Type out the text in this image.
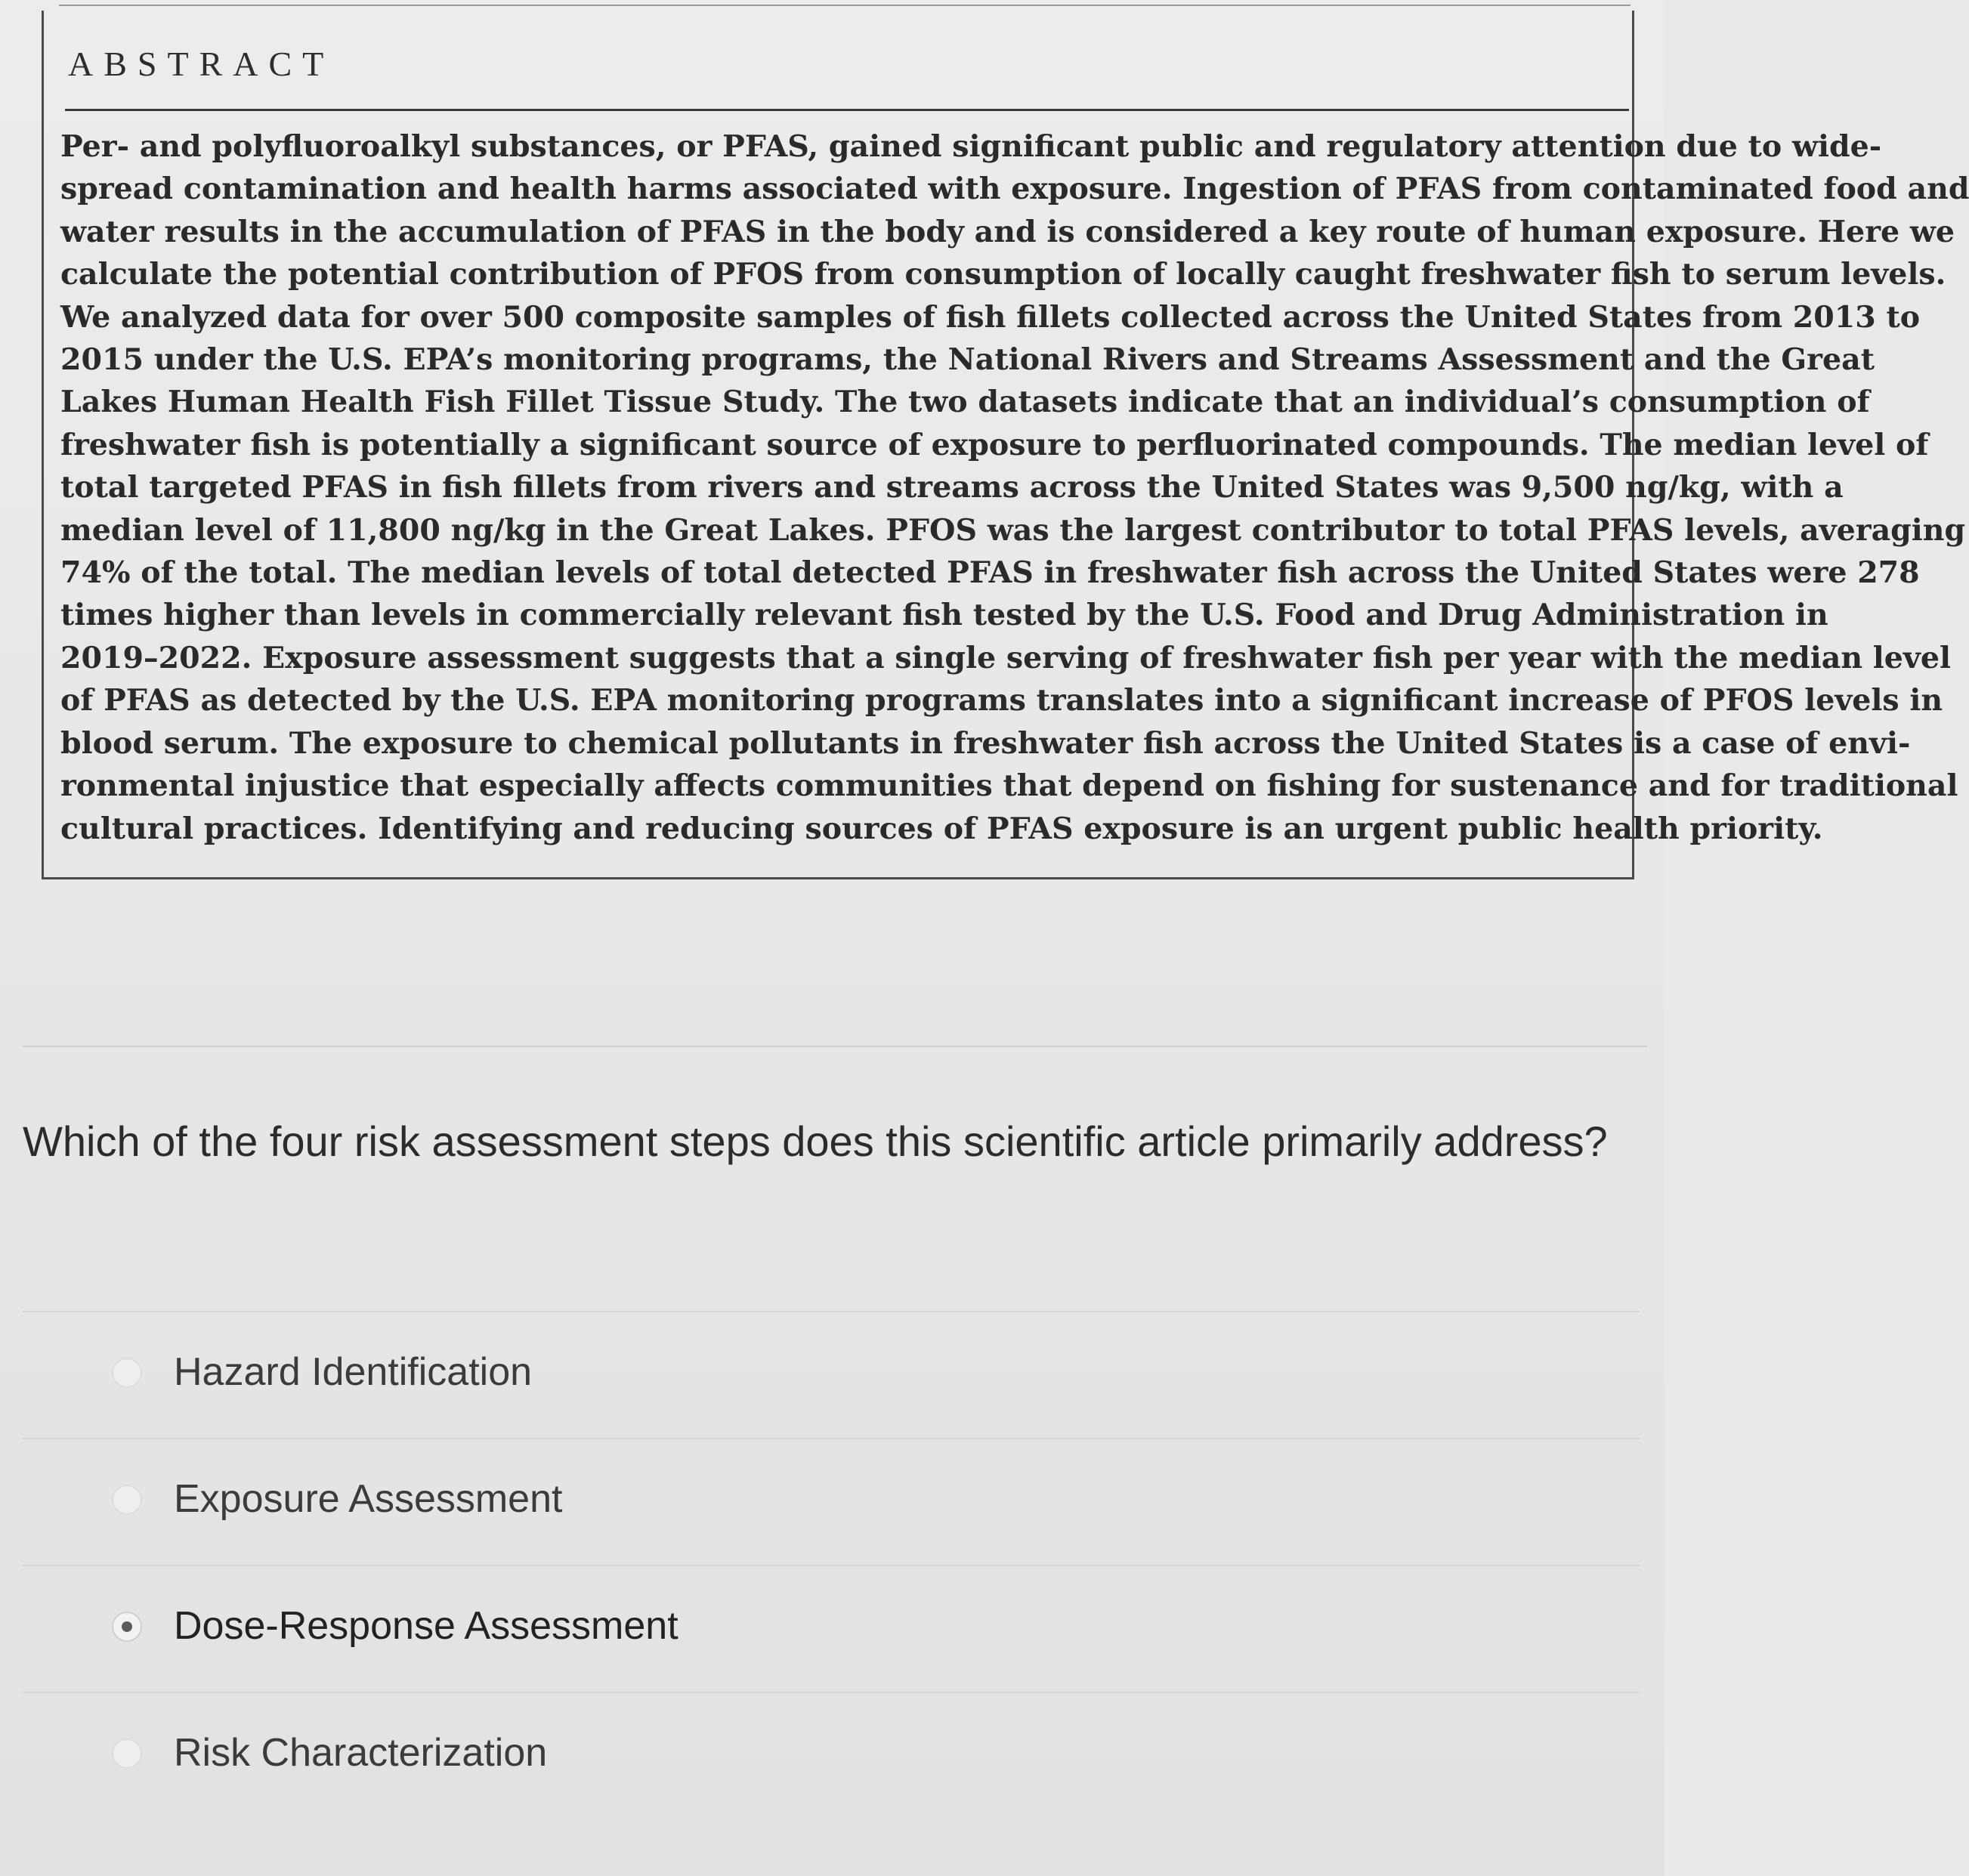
ABSTRACT

Per- and polyfluoroalkyl substances, or PFAS, gained significant public and regulatory attention due to wide-
spread contamination and health harms associated with exposure. Ingestion of PFAS from contaminated food and
water results in the accumulation of PFAS in the body and is considered a key route of human exposure. Here we
calculate the potential contribution of PFOS from consumption of locally caught freshwater fish to serum levels.
We analyzed data for over 500 composite samples of fish fillets collected across the United States from 2013 to
2015 under the U.S. EPA’s monitoring programs, the National Rivers and Streams Assessment and the Great
Lakes Human Health Fish Fillet Tissue Study. The two datasets indicate that an individual’s consumption of
freshwater fish is potentially a significant source of exposure to perfluorinated compounds. The median level of
total targeted PFAS in fish fillets from rivers and streams across the United States was 9,500 ng/kg, with a
median level of 11,800 ng/kg in the Great Lakes. PFOS was the largest contributor to total PFAS levels, averaging
74% of the total. The median levels of total detected PFAS in freshwater fish across the United States were 278
times higher than levels in commercially relevant fish tested by the U.S. Food and Drug Administration in
2019–2022. Exposure assessment suggests that a single serving of freshwater fish per year with the median level
of PFAS as detected by the U.S. EPA monitoring programs translates into a significant increase of PFOS levels in
blood serum. The exposure to chemical pollutants in freshwater fish across the United States is a case of envi-
ronmental injustice that especially affects communities that depend on fishing for sustenance and for traditional
cultural practices. Identifying and reducing sources of PFAS exposure is an urgent public health priority.

Which of the four risk assessment steps does this scientific article primarily address?

Hazard Identification
Exposure Assessment
Dose-Response Assessment
Risk Characterization
